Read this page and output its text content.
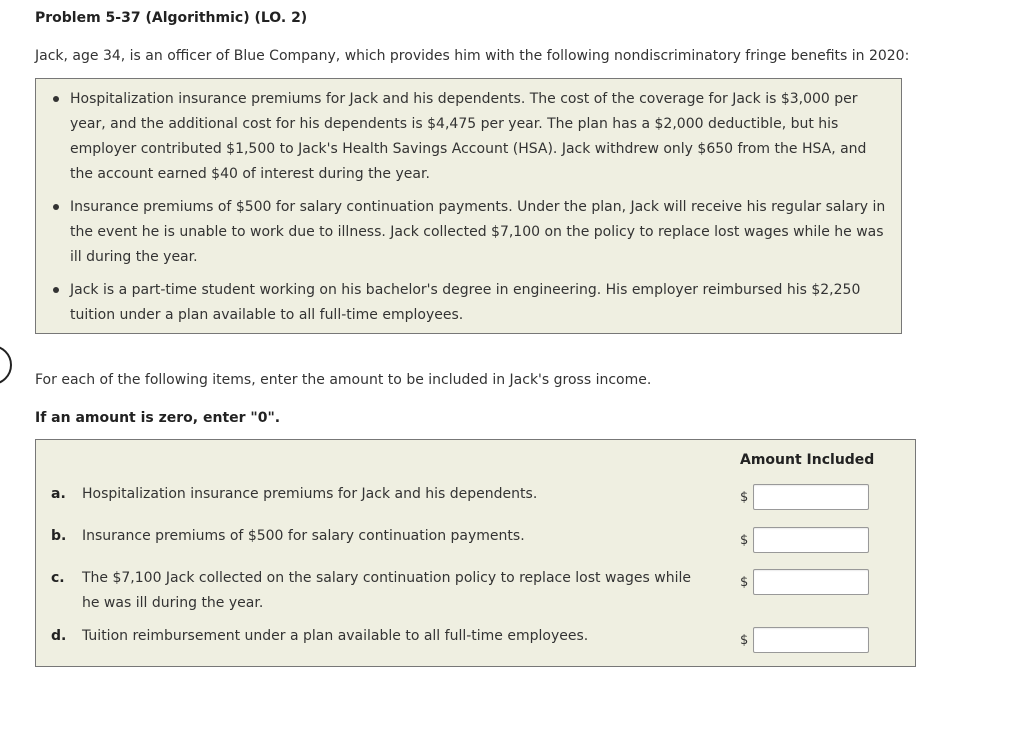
Problem 5-37 (Algorithmic) (LO. 2)
Jack, age 34, is an officer of Blue Company, which provides him with the following nondiscriminatory fringe benefits in 2020:
Hospitalization insurance premiums for Jack and his dependents. The cost of the coverage for Jack is $3,000 per year, and the additional cost for his dependents is $4,475 per year. The plan has a $2,000 deductible, but his employer contributed $1,500 to Jack's Health Savings Account (HSA). Jack withdrew only $650 from the HSA, and the account earned $40 of interest during the year.
Insurance premiums of $500 for salary continuation payments. Under the plan, Jack will receive his regular salary in the event he is unable to work due to illness. Jack collected $7,100 on the policy to replace lost wages while he was ill during the year.
Jack is a part-time student working on his bachelor's degree in engineering. His employer reimbursed his $2,250 tuition under a plan available to all full-time employees.
For each of the following items, enter the amount to be included in Jack's gross income.
If an amount is zero, enter "0".
Amount Included
a. Hospitalization insurance premiums for Jack and his dependents.	$
b. Insurance premiums of $500 for salary continuation payments.	$
c. The $7,100 Jack collected on the salary continuation policy to replace lost wages while he was ill during the year.
$
d. Tuition reimbursement under a plan available to all full-time employees.	$
